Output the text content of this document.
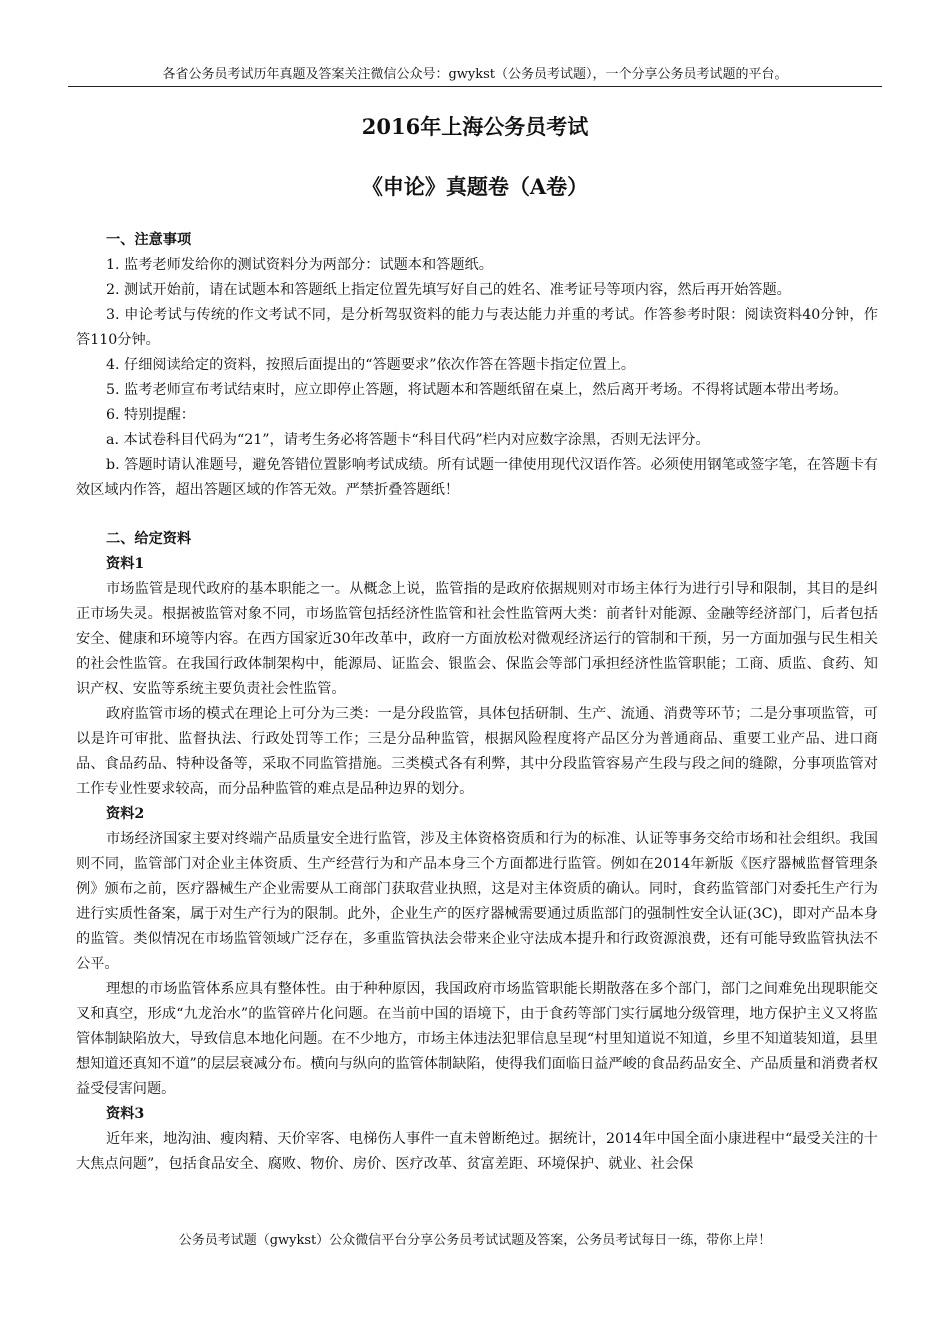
各省公务员考试历年真题及答案关注微信公众号：gwykst（公务员考试题），一个分享公务员考试题的平台。
2016年上海公务员考试
《申论》真题卷（A卷）

一、注意事项

1. 监考老师发给你的测试资料分为两部分：试题本和答题纸。

2. 测试开始前，请在试题本和答题纸上指定位置先填写好自己的姓名、准考证号等项内容，然后再开始答题。

3. 申论考试与传统的作文考试不同，是分析驾驭资料的能力与表达能力并重的考试。作答参考时限：阅读资料40分钟，作答110分钟。

4. 仔细阅读给定的资料，按照后面提出的“答题要求”依次作答在答题卡指定位置上。

5. 监考老师宣布考试结束时，应立即停止答题，将试题本和答题纸留在桌上，然后离开考场。不得将试题本带出考场。

6. 特别提醒：

a. 本试卷科目代码为“21”，请考生务必将答题卡“科目代码”栏内对应数字涂黑，否则无法评分。

b. 答题时请认准题号，避免答错位置影响考试成绩。所有试题一律使用现代汉语作答。必须使用钢笔或签字笔，在答题卡有效区域内作答，超出答题区域的作答无效。严禁折叠答题纸！

二、给定资料

资料1

市场监管是现代政府的基本职能之一。从概念上说，监管指的是政府依据规则对市场主体行为进行引导和限制，其目的是纠正市场失灵。根据被监管对象不同，市场监管包括经济性监管和社会性监管两大类：前者针对能源、金融等经济部门，后者包括安全、健康和环境等内容。在西方国家近30年改革中，政府一方面放松对微观经济运行的管制和干预，另一方面加强与民生相关的社会性监管。在我国行政体制架构中，能源局、证监会、银监会、保监会等部门承担经济性监管职能；工商、质监、食药、知识产权、安监等系统主要负责社会性监管。

政府监管市场的模式在理论上可分为三类：一是分段监管，具体包括研制、生产、流通、消费等环节；二是分事项监管，可以是许可审批、监督执法、行政处罚等工作；三是分品种监管，根据风险程度将产品区分为普通商品、重要工业产品、进口商品、食品药品、特种设备等，采取不同监管措施。三类模式各有利弊，其中分段监管容易产生段与段之间的缝隙，分事项监管对工作专业性要求较高，而分品种监管的难点是品种边界的划分。

资料2

市场经济国家主要对终端产品质量安全进行监管，涉及主体资格资质和行为的标准、认证等事务交给市场和社会组织。我国则不同，监管部门对企业主体资质、生产经营行为和产品本身三个方面都进行监管。例如在2014年新版《医疗器械监督管理条例》颁布之前，医疗器械生产企业需要从工商部门获取营业执照，这是对主体资质的确认。同时，食药监管部门对委托生产行为进行实质性备案，属于对生产行为的限制。此外，企业生产的医疗器械需要通过质监部门的强制性安全认证(3C)，即对产品本身的监管。类似情况在市场监管领域广泛存在，多重监管执法会带来企业守法成本提升和行政资源浪费，还有可能导致监管执法不公平。

理想的市场监管体系应具有整体性。由于种种原因，我国政府市场监管职能长期散落在多个部门，部门之间难免出现职能交叉和真空，形成“九龙治水”的监管碎片化问题。在当前中国的语境下，由于食药等部门实行属地分级管理，地方保护主义又将监管体制缺陷放大，导致信息本地化问题。在不少地方，市场主体违法犯罪信息呈现“村里知道说不知道，乡里不知道装知道，县里想知道还真知不道”的层层衰减分布。横向与纵向的监管体制缺陷，使得我们面临日益严峻的食品药品安全、产品质量和消费者权益受侵害问题。

资料3

近年来，地沟油、瘦肉精、天价宰客、电梯伤人事件一直未曾断绝过。据统计，2014年中国全面小康进程中“最受关注的十大焦点问题”，包括食品安全、腐败、物价、房价、医疗改革、贫富差距、环境保护、就业、社会保

公务员考试题（gwykst）公众微信平台分享公务员考试试题及答案，公务员考试每日一练，带你上岸！
